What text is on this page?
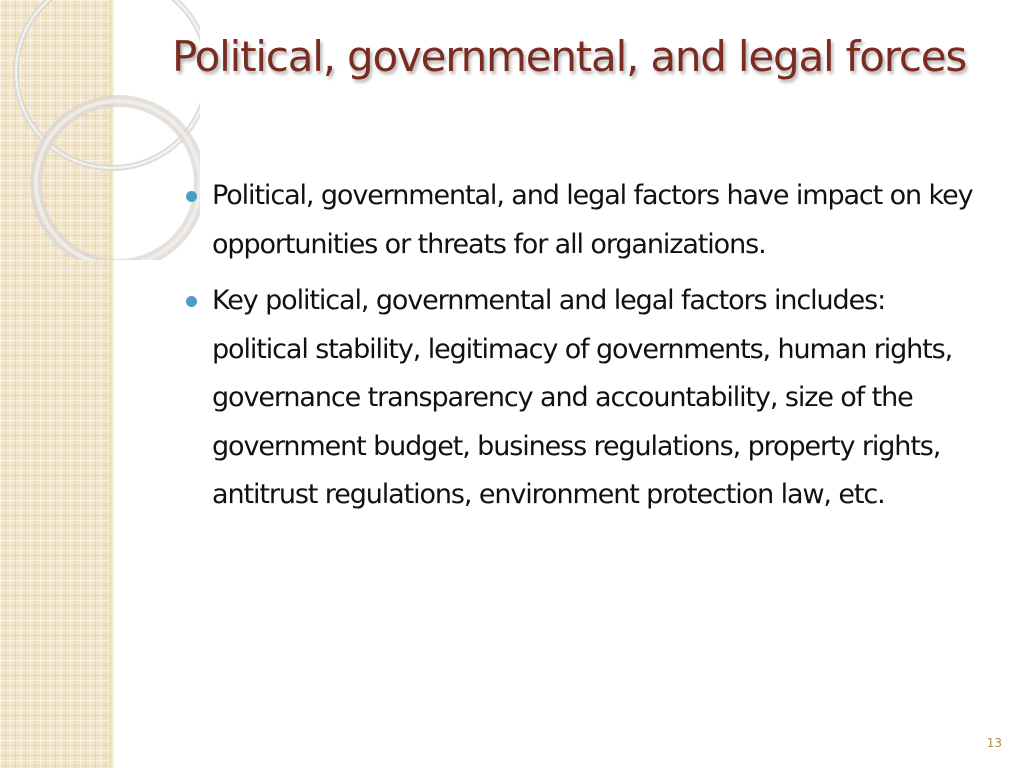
Political, governmental, and legal forces
Political, governmental, and legal factors have impact on key opportunities or threats for all organizations.
Key political, governmental and legal factors includes: political stability, legitimacy of governments, human rights, governance transparency and accountability, size of the government budget, business regulations, property rights, antitrust regulations, environment protection law, etc.
13
